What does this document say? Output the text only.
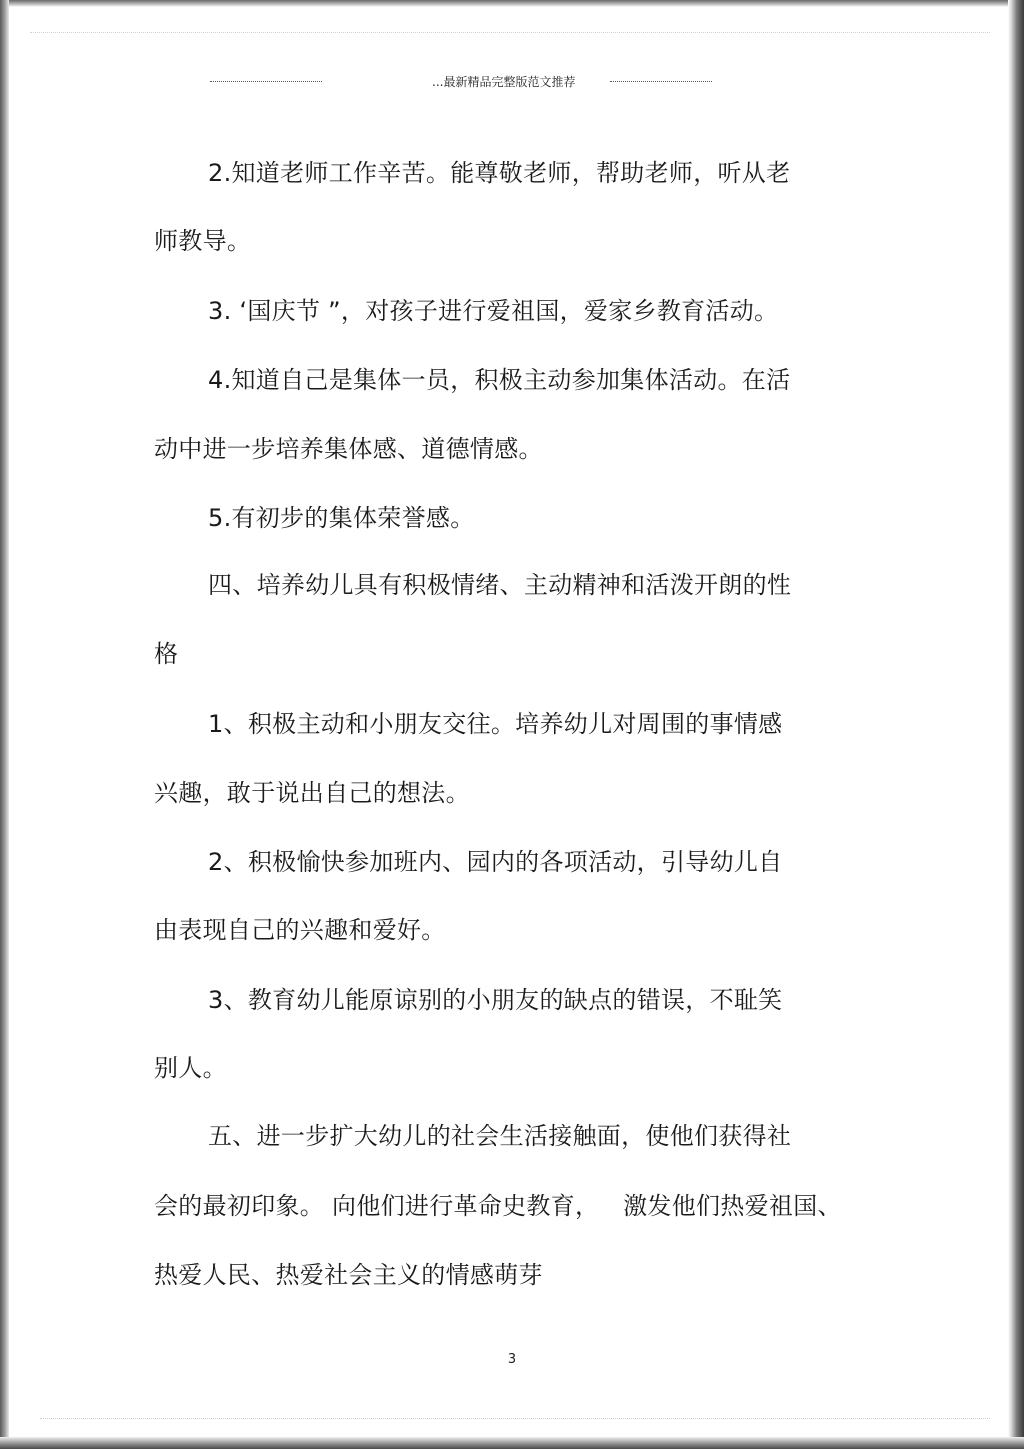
...最新精品完整版范文推荐
2.知道老师工作辛苦。能尊敬老师，帮助老师，听从老
师教导。
3. ‘国庆节 ”，对孩子进行爱祖国，爱家乡教育活动。
4.知道自己是集体一员，积极主动参加集体活动。在活
动中进一步培养集体感、道德情感。
5.有初步的集体荣誉感。
四、培养幼儿具有积极情绪、主动精神和活泼开朗的性
格
1、积极主动和小朋友交往。培养幼儿对周围的事情感
兴趣，敢于说出自己的想法。
2、积极愉快参加班内、园内的各项活动，引导幼儿自
由表现自己的兴趣和爱好。
3、教育幼儿能原谅别的小朋友的缺点的错误，不耻笑
别人。
五、进一步扩大幼儿的社会生活接触面，使他们获得社
会的最初印象。 向他们进行革命史教育，   激发他们热爱祖国、
热爱人民、热爱社会主义的情感萌芽
3
